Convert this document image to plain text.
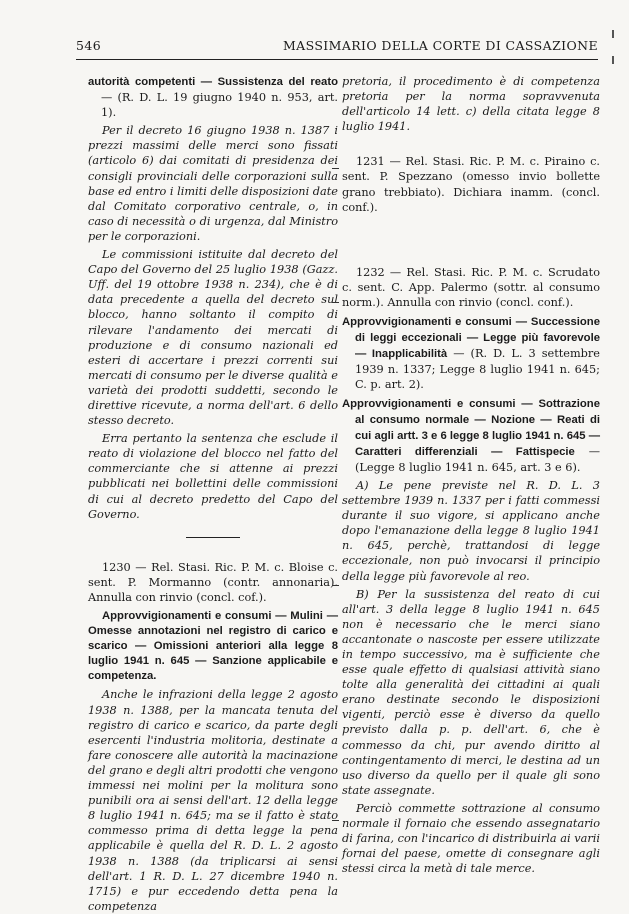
546	MASSIMARIO DELLA CORTE DI CASSAZIONE

autorità competenti — Sussistenza del reato — (R. D. L. 19 giugno 1940 n. 953, art. 1).

Per il decreto 16 giugno 1938 n. 1387 i prezzi massimi delle merci sono fissati (articolo 6) dai comitati di presidenza dei consigli provinciali delle corporazioni sulla base ed entro i limiti delle disposizioni date dal Comitato corporativo centrale, o, in caso di necessità o di urgenza, dal Ministro per le corporazioni.

Le commissioni istituite dal decreto del Capo del Governo del 25 luglio 1938 (Gazz. Uff. del 19 ottobre 1938 n. 234), che è di data precedente a quella del decreto sul blocco, hanno soltanto il compito di rilevare l'andamento dei mercati di produzione e di consumo nazionali ed esteri di accertare i prezzi correnti sui mercati di consumo per le diverse qualità e varietà dei prodotti suddetti, secondo le direttive ricevute, a norma dell'art. 6 dello stesso decreto.

Erra pertanto la sentenza che esclude il reato di violazione del blocco nel fatto del commerciante che si attenne ai prezzi pubblicati nei bollettini delle commissioni di cui al decreto predetto del Capo del Governo.

1230 — Rel. Stasi. Ric. P. M. c. Bloise c. sent. P. Mormanno (contr. annonaria). Annulla con rinvio (concl. cof.).

Approvvigionamenti e consumi — Mulini — Omesse annotazioni nel registro di carico e scarico — Omissioni anteriori alla legge 8 luglio 1941 n. 645 — Sanzione applicabile e competenza.

Anche le infrazioni della legge 2 agosto 1938 n. 1388, per la mancata tenuta del registro di carico e scarico, da parte degli esercenti l'industria molitoria, destinate a fare conoscere alle autorità la macinazione del grano e degli altri prodotti che vengono immessi nei molini per la molitura sono punibili ora ai sensi dell'art. 12 della legge 8 luglio 1941 n. 645; ma se il fatto è stato commesso prima di detta legge la pena applicabile è quella del R. D. L. 2 agosto 1938 n. 1388 (da triplicarsi ai sensi dell'art. 1 R. D. L. 27 dicembre 1940 n. 1715) e pur eccedendo detta pena la competenza

pretoria, il procedimento è di competenza pretoria per la norma sopravvenuta dell'articolo 14 lett. c) della citata legge 8 luglio 1941.

1231 — Rel. Stasi. Ric. P. M. c. Piraino c. sent. P. Spezzano (omesso invio bollette grano trebbiato). Dichiara inamm. (concl. conf.).

1232 — Rel. Stasi. Ric. P. M. c. Scrudato c. sent. C. App. Palermo (sottr. al consumo norm.). Annulla con rinvio (concl. conf.).

Approvvigionamenti e consumi — Successione di leggi eccezionali — Legge più favorevole — Inapplicabilità — (R. D. L. 3 settembre 1939 n. 1337; Legge 8 luglio 1941 n. 645; C. p. art. 2).

Approvvigionamenti e consumi — Sottrazione al consumo normale — Nozione — Reati di cui agli artt. 3 e 6 legge 8 luglio 1941 n. 645 — Caratteri differenziali — Fattispecie — (Legge 8 luglio 1941 n. 645, art. 3 e 6).

A) Le pene previste nel R. D. L. 3 settembre 1939 n. 1337 per i fatti commessi durante il suo vigore, si applicano anche dopo l'emanazione della legge 8 luglio 1941 n. 645, perchè, trattandosi di legge eccezionale, non può invocarsi il principio della legge più favorevole al reo.

B) Per la sussistenza del reato di cui all'art. 3 della legge 8 luglio 1941 n. 645 non è necessario che le merci siano accantonate o nascoste per essere utilizzate in tempo successivo, ma è sufficiente che esse quale effetto di qualsiasi attività siano tolte alla generalità dei cittadini ai quali erano destinate secondo le disposizioni vigenti, perciò esse è diverso da quello previsto dalla p. p. dell'art. 6, che è commesso da chi, pur avendo diritto al contingentamento di merci, le destina ad un uso diverso da quello per il quale gli sono state assegnate.

Perciò commette sottrazione al consumo normale il fornaio che essendo assegnatario di farina, con l'incarico di distribuirla ai varii fornai del paese, omette di consegnare agli stessi circa la metà di tale merce.
